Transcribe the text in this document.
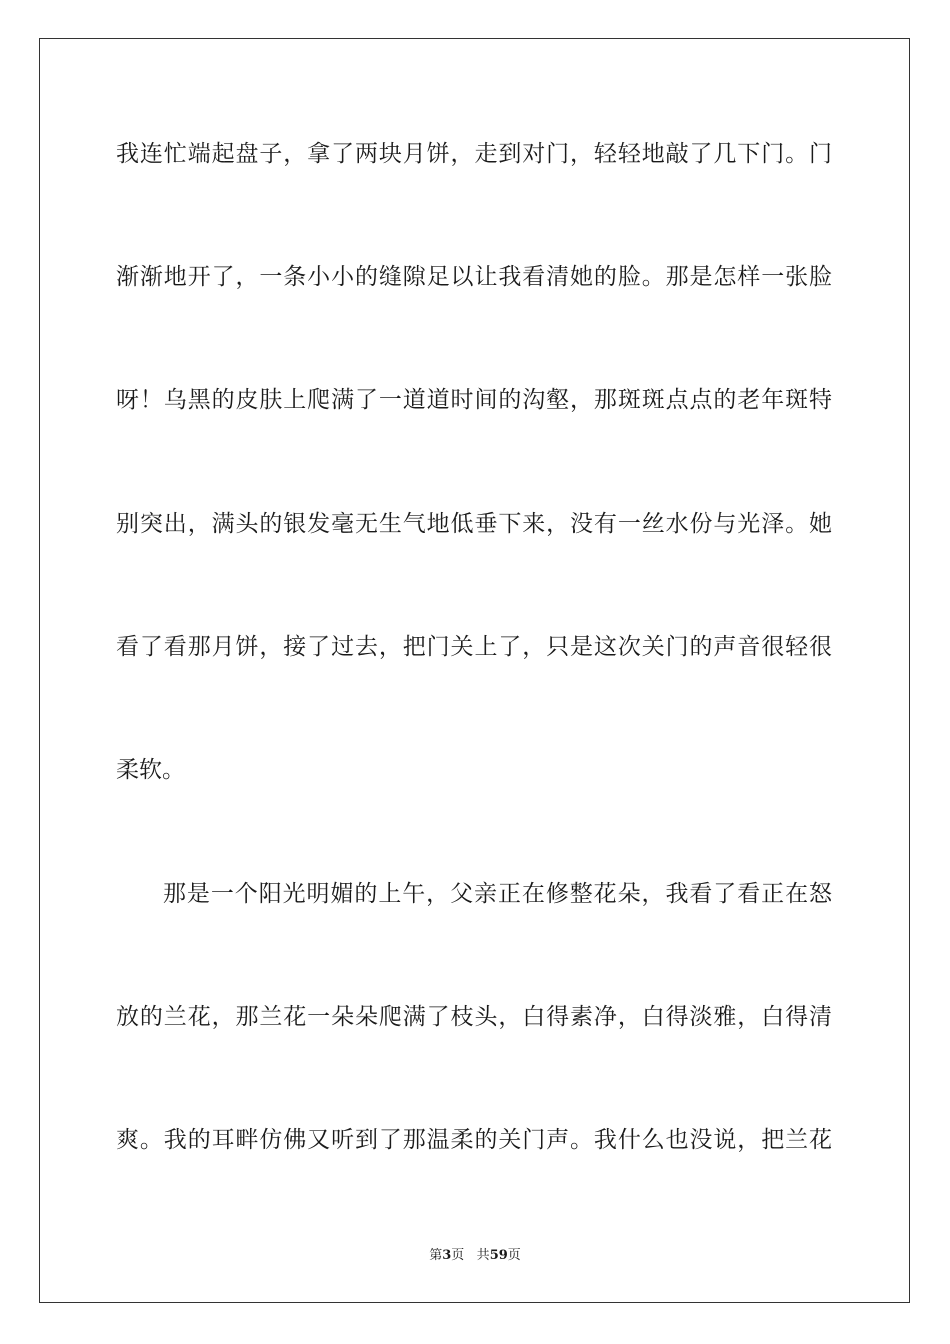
我连忙端起盘子，拿了两块月饼，走到对门，轻轻地敲了几下门。门
渐渐地开了，一条小小的缝隙足以让我看清她的脸。那是怎样一张脸
呀！乌黑的皮肤上爬满了一道道时间的沟壑，那斑斑点点的老年斑特
别突出，满头的银发毫无生气地低垂下来，没有一丝水份与光泽。她
看了看那月饼，接了过去，把门关上了，只是这次关门的声音很轻很
柔软。
那是一个阳光明媚的上午，父亲正在修整花朵，我看了看正在怒
放的兰花，那兰花一朵朵爬满了枝头，白得素净，白得淡雅，白得清
爽。我的耳畔仿佛又听到了那温柔的关门声。我什么也没说，把兰花
第3页 共59页
